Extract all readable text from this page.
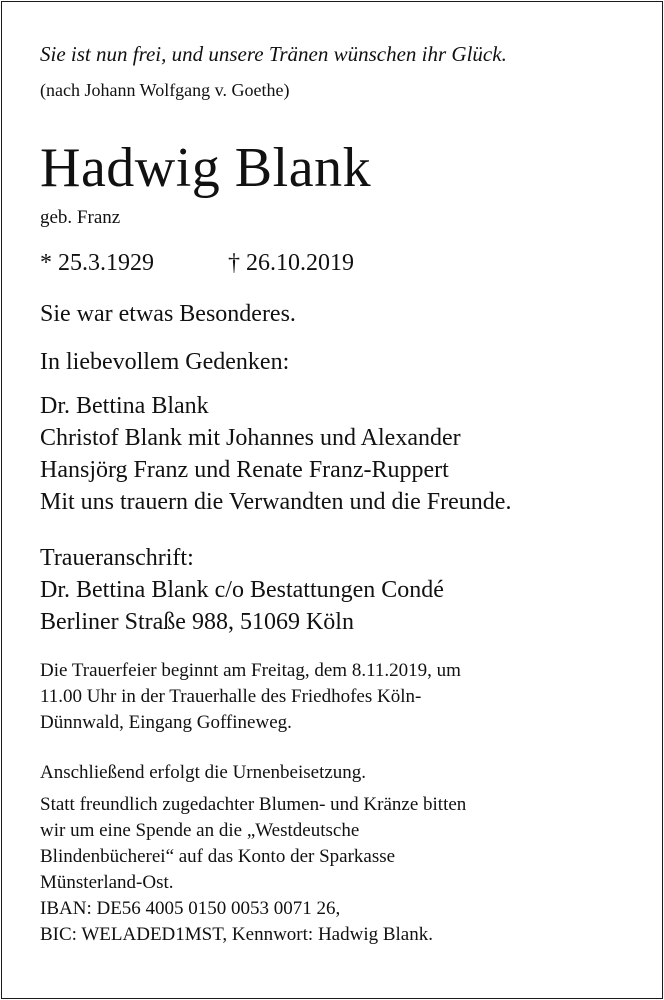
Sie ist nun frei, und unsere Tränen wünschen ihr Glück.
(nach Johann Wolfgang v. Goethe)
Hadwig Blank
geb. Franz
* 25.3.1929	† 26.10.2019
Sie war etwas Besonderes.
In liebevollem Gedenken:
Dr. Bettina Blank
Christof Blank mit Johannes und Alexander
Hansjörg Franz und Renate Franz-Ruppert
Mit uns trauern die Verwandten und die Freunde.
Traueranschrift:
Dr. Bettina Blank c/o Bestattungen Condé
Berliner Straße 988, 51069 Köln
Die Trauerfeier beginnt am Freitag, dem 8.11.2019, um
11.00 Uhr in der Trauerhalle des Friedhofes Köln-
Dünnwald, Eingang Goffineweg.
Anschließend erfolgt die Urnenbeisetzung.
Statt freundlich zugedachter Blumen- und Kränze bitten
wir um eine Spende an die „Westdeutsche
Blindenbücherei“ auf das Konto der Sparkasse
Münsterland-Ost.
IBAN: DE56 4005 0150 0053 0071 26,
BIC: WELADED1MST, Kennwort: Hadwig Blank.
